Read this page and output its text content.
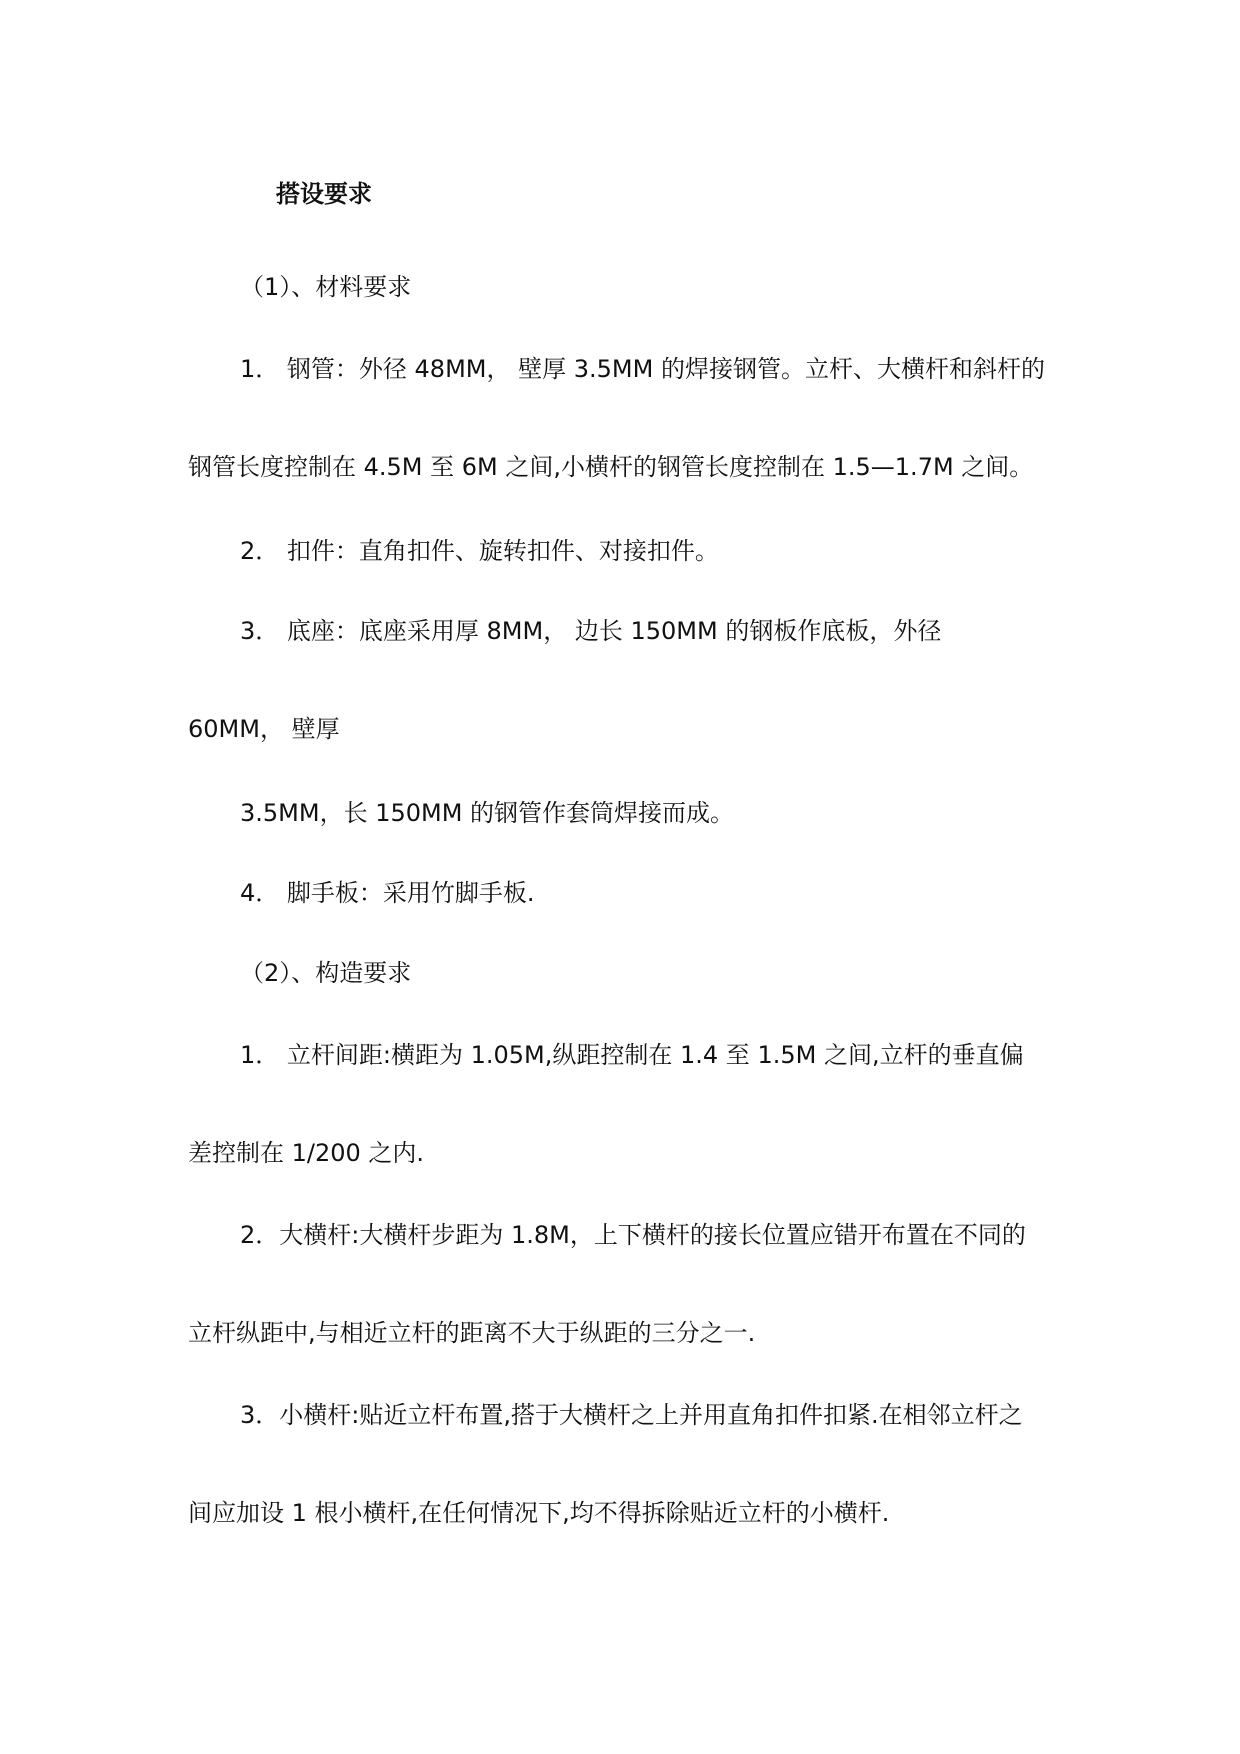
搭设要求
（1）、材料要求
1． 钢管：外径 48MM， 壁厚 3.5MM 的焊接钢管。立杆、大横杆和斜杆的
钢管长度控制在 4.5M 至 6M 之间,小横杆的钢管长度控制在 1.5—1.7M 之间。
2． 扣件：直角扣件、旋转扣件、对接扣件。
3． 底座：底座采用厚 8MM， 边长 150MM 的钢板作底板，外径
60MM， 壁厚
3.5MM，长 150MM 的钢管作套筒焊接而成。
4． 脚手板：采用竹脚手板.
（2）、构造要求
1． 立杆间距:横距为 1.05M,纵距控制在 1.4 至 1.5M 之间,立杆的垂直偏
差控制在 1/200 之内.
2．大横杆:大横杆步距为 1.8M，上下横杆的接长位置应错开布置在不同的
立杆纵距中,与相近立杆的距离不大于纵距的三分之一.
3．小横杆:贴近立杆布置,搭于大横杆之上并用直角扣件扣紧.在相邻立杆之
间应加设 1 根小横杆,在任何情况下,均不得拆除贴近立杆的小横杆.
